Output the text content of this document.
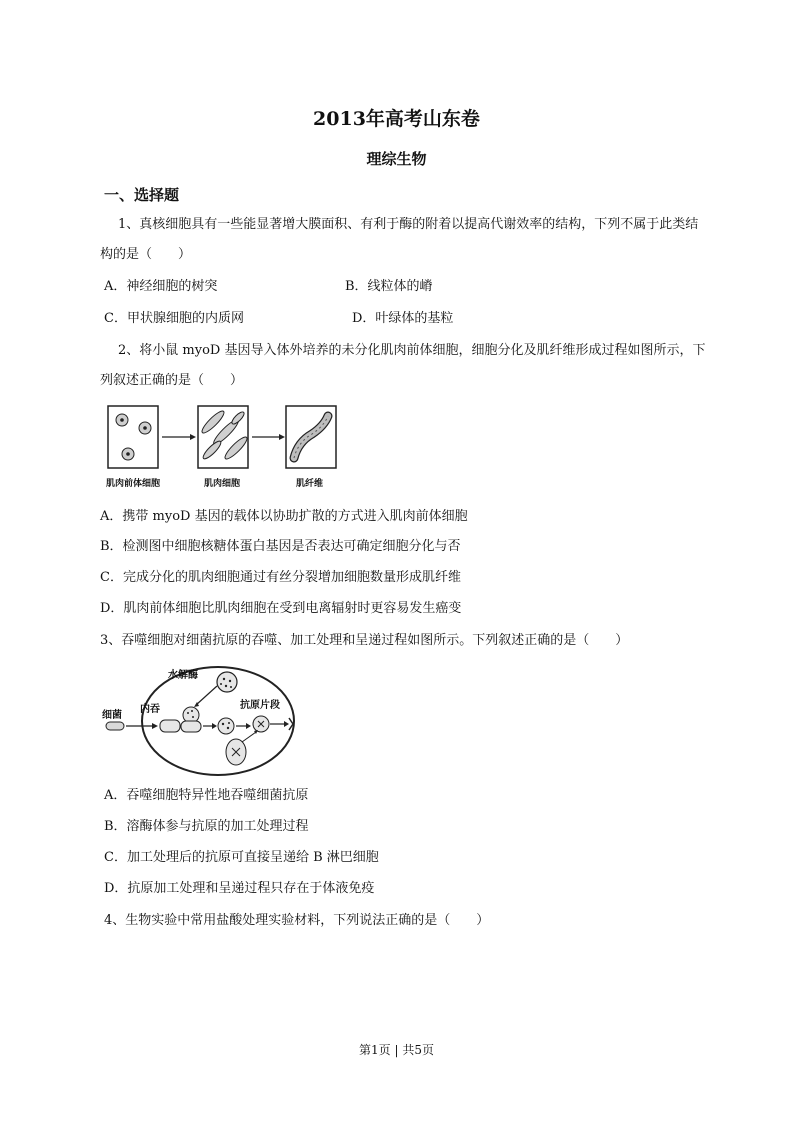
2013年高考山东卷
理综生物
一、选择题
1、真核细胞具有一些能显著增大膜面积、有利于酶的附着以提高代谢效率的结构，下列不属于此类结
构的是（　　）
A．神经细胞的树突	B．线粒体的嵴
C．甲状腺细胞的内质网	D．叶绿体的基粒
2、将小鼠 myoD 基因导入体外培养的未分化肌肉前体细胞，细胞分化及肌纤维形成过程如图所示，下
列叙述正确的是（　　）
肌肉前体细胞	肌肉细胞	肌纤维
A．携带 myoD 基因的载体以协助扩散的方式进入肌肉前体细胞
B．检测图中细胞核糖体蛋白基因是否表达可确定细胞分化与否
C．完成分化的肌肉细胞通过有丝分裂增加细胞数量形成肌纤维
D．肌肉前体细胞比肌肉细胞在受到电离辐射时更容易发生癌变
3、吞噬细胞对细菌抗原的吞噬、加工处理和呈递过程如图所示。下列叙述正确的是（　　）
细菌
水解酶
内吞	抗原片段
A．吞噬细胞特异性地吞噬细菌抗原
B．溶酶体参与抗原的加工处理过程
C．加工处理后的抗原可直接呈递给 B 淋巴细胞
D．抗原加工处理和呈递过程只存在于体液免疫
4、生物实验中常用盐酸处理实验材料，下列说法正确的是（　　）
第1页 | 共5页
